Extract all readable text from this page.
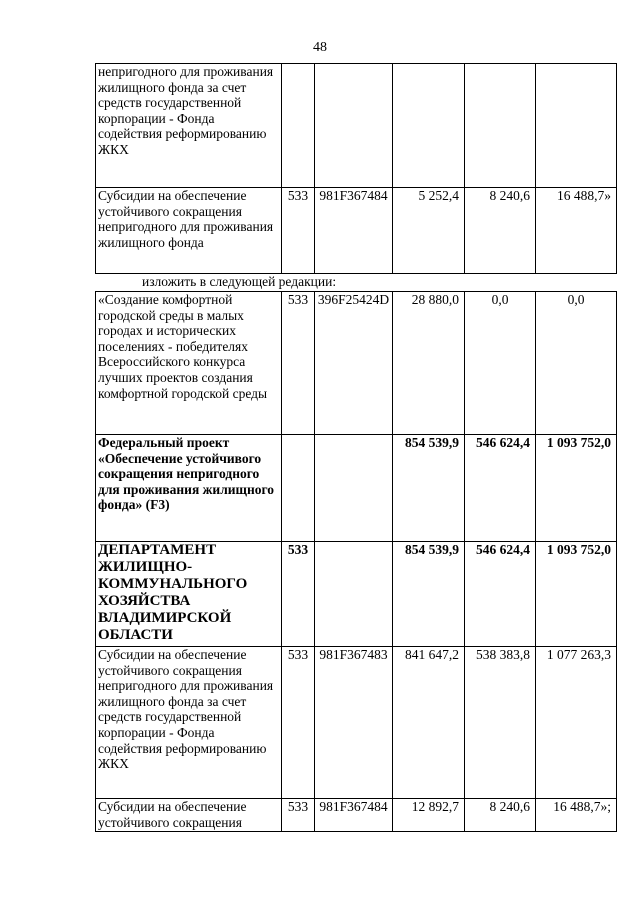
48
непригодного для проживания жилищного фонда за счет средств государственной корпорации - Фонда содействия реформированию ЖКХ					
Субсидии на обеспечение устойчивого сокращения непригодного для проживания жилищного фонда	533	981F367484	5 252,4	8 240,6	16 488,7»
изложить в следующей редакции:
«Создание комфортной городской среды в малых городах и исторических поселениях - победителях Всероссийского конкурса лучших проектов создания комфортной городской среды	533	396F25424D	28 880,0	0,0	0,0
Федеральный проект «Обеспечение устойчивого сокращения непригодного для проживания жилищного фонда» (F3)			854 539,9	546 624,4	1 093 752,0
ДЕПАРТАМЕНТ ЖИЛИЩНО-КОММУНАЛЬНОГО ХОЗЯЙСТВА ВЛАДИМИРСКОЙ ОБЛАСТИ	533		854 539,9	546 624,4	1 093 752,0
Субсидии на обеспечение устойчивого сокращения непригодного для проживания жилищного фонда за счет средств государственной корпорации - Фонда содействия реформированию ЖКХ	533	981F367483	841 647,2	538 383,8	1 077 263,3
Субсидии на обеспечение устойчивого сокращения	533	981F367484	12 892,7	8 240,6	16 488,7»;
